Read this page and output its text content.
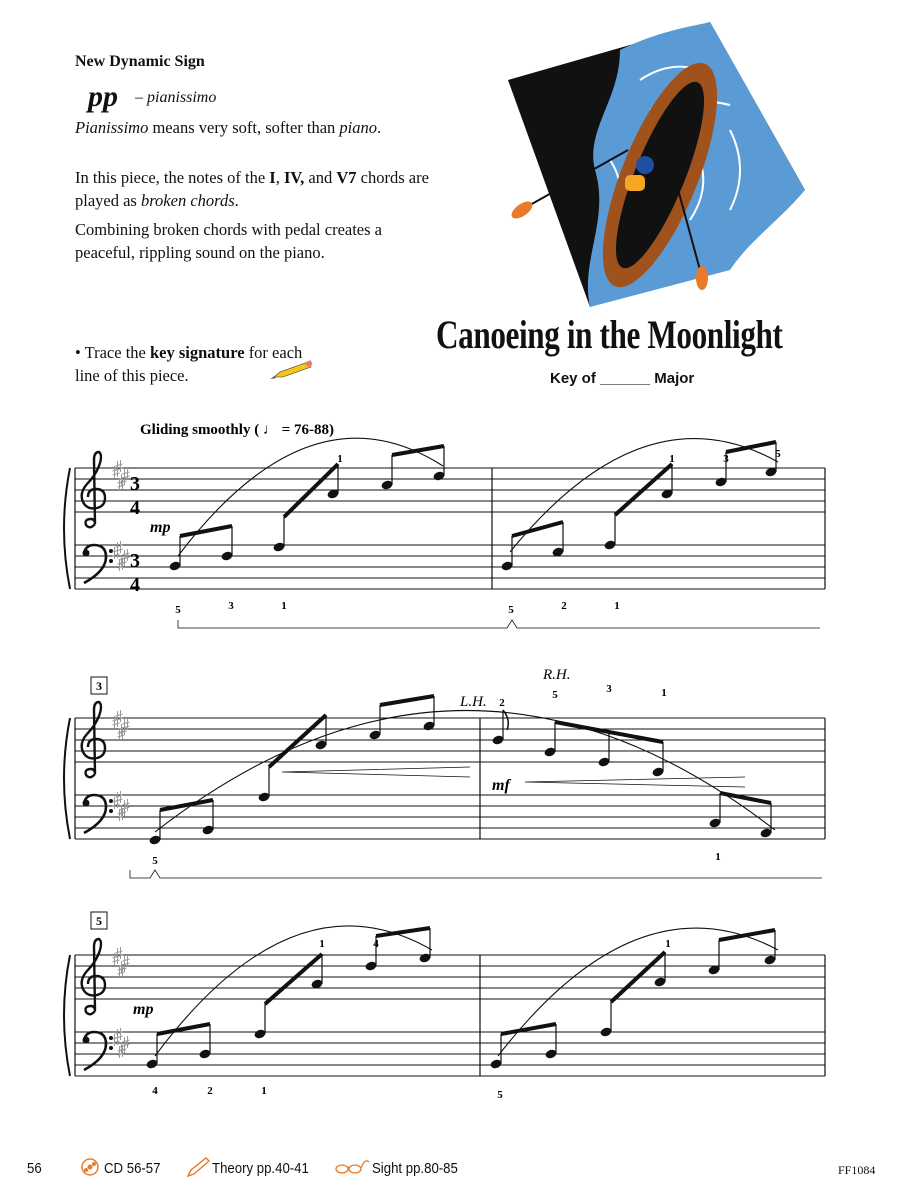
New Dynamic Sign
pp – pianissimo
Pianissimo means very soft, softer than piano.
In this piece, the notes of the I, IV, and V7 chords are played as broken chords.
Combining broken chords with pedal creates a peaceful, rippling sound on the piano.
• Trace the key signature for each line of this piece.
Canoeing in the Moonlight
Key of ______ Major
Gliding smoothly ( ♩ = 76-88)
3
4
3
4
mp
1	1	3	5
5	3	1	5	2	1
3
mf
L.H.
R.H.
2
5	3	1
5	1
5
mp
1	4	1
4	2	1	5
56	CD 56-57	Theory pp.40-41	Sight pp.80-85	FF1084
